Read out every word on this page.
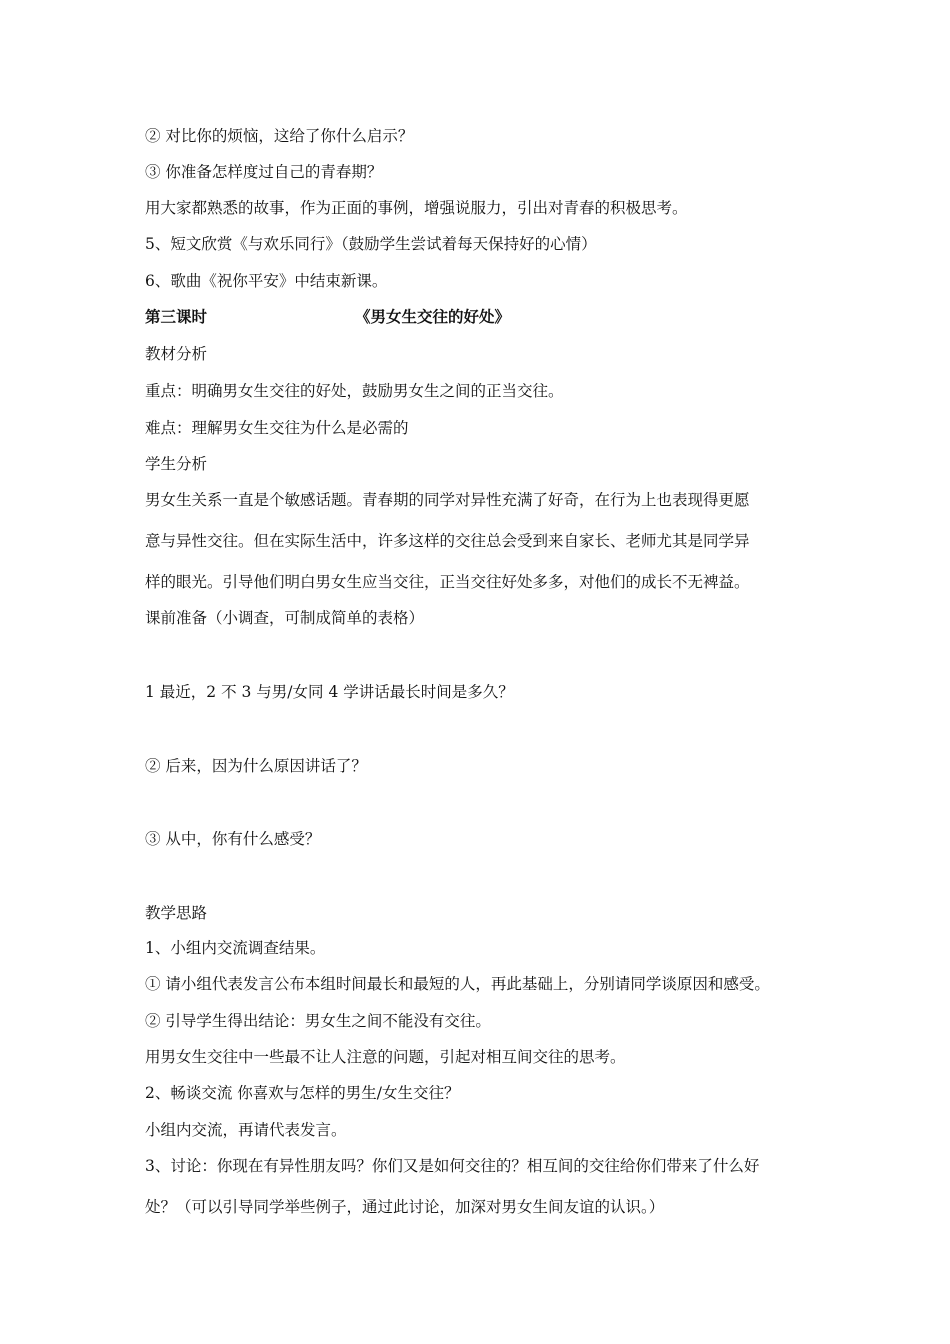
② 对比你的烦恼，这给了你什么启示？
③ 你准备怎样度过自己的青春期？
用大家都熟悉的故事，作为正面的事例，增强说服力，引出对青春的积极思考。
5、短文欣赏《与欢乐同行》（鼓励学生尝试着每天保持好的心情）
6、歌曲《祝你平安》中结束新课。
第三课时	《男女生交往的好处》
教材分析
重点：明确男女生交往的好处，鼓励男女生之间的正当交往。
难点：理解男女生交往为什么是必需的
学生分析
男女生关系一直是个敏感话题。青春期的同学对异性充满了好奇，在行为上也表现得更愿
意与异性交往。但在实际生活中，许多这样的交往总会受到来自家长、老师尤其是同学异
样的眼光。引导他们明白男女生应当交往，正当交往好处多多，对他们的成长不无裨益。
课前准备（小调查，可制成简单的表格）
1 最近，2 不 3 与男/女同 4 学讲话最长时间是多久？
② 后来，因为什么原因讲话了？
③ 从中，你有什么感受？
教学思路
1、小组内交流调查结果。
① 请小组代表发言公布本组时间最长和最短的人，再此基础上，分别请同学谈原因和感受。
② 引导学生得出结论：男女生之间不能没有交往。
用男女生交往中一些最不让人注意的问题，引起对相互间交往的思考。
2、畅谈交流 你喜欢与怎样的男生/女生交往？
小组内交流，再请代表发言。
3、讨论：你现在有异性朋友吗？你们又是如何交往的？相互间的交往给你们带来了什么好
处？（可以引导同学举些例子，通过此讨论，加深对男女生间友谊的认识。）
